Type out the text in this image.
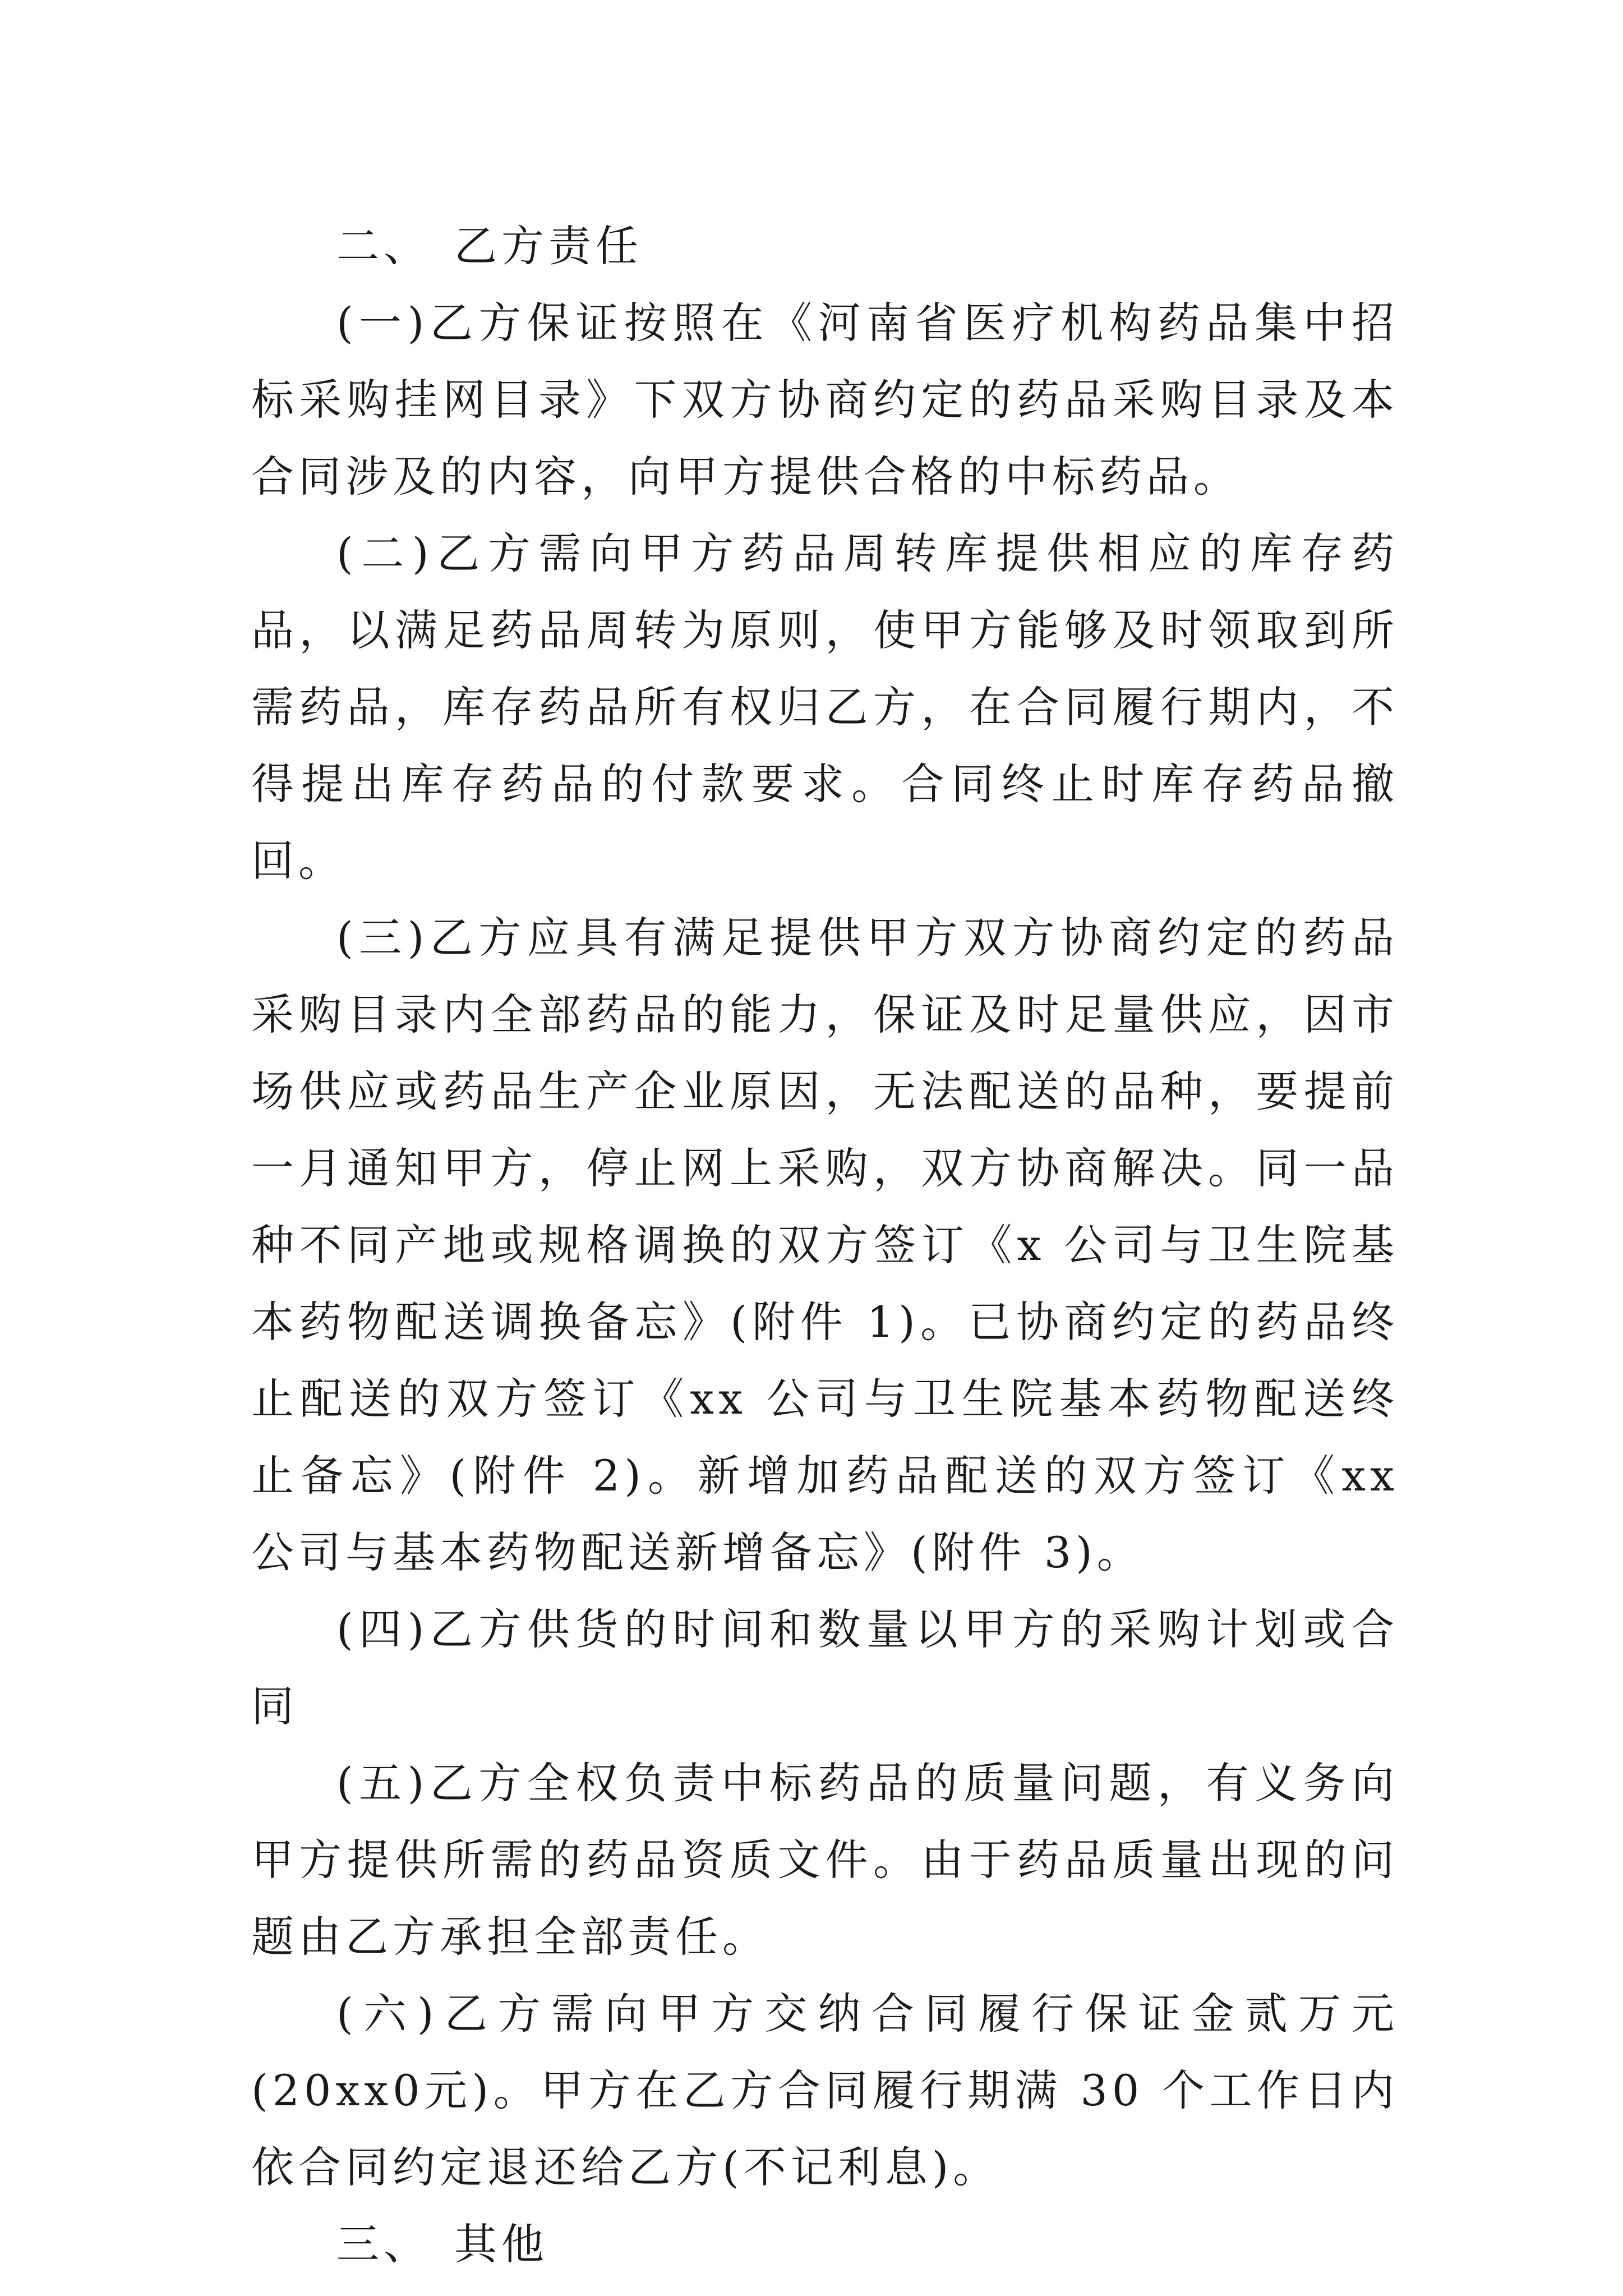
二、 乙方责任

(一)乙方保证按照在《河南省医疗机构药品集中招标采购挂网目录》下双方协商约定的药品采购目录及本合同涉及的内容，向甲方提供合格的中标药品。

(二)乙方需向甲方药品周转库提供相应的库存药品，以满足药品周转为原则，使甲方能够及时领取到所需药品，库存药品所有权归乙方，在合同履行期内，不得提出库存药品的付款要求。合同终止时库存药品撤回。

(三)乙方应具有满足提供甲方双方协商约定的药品采购目录内全部药品的能力，保证及时足量供应，因市场供应或药品生产企业原因，无法配送的品种，要提前一月通知甲方，停止网上采购，双方协商解决。同一品种不同产地或规格调换的双方签订《x 公司与卫生院基本药物配送调换备忘》(附件 1)。已协商约定的药品终止配送的双方签订《xx 公司与卫生院基本药物配送终止备忘》(附件 2)。新增加药品配送的双方签订《xx 公司与基本药物配送新增备忘》(附件 3)。

(四)乙方供货的时间和数量以甲方的采购计划或合同

(五)乙方全权负责中标药品的质量问题，有义务向甲方提供所需的药品资质文件。由于药品质量出现的问题由乙方承担全部责任。

(六)乙方需向甲方交纳合同履行保证金贰万元(20xx0元)。甲方在乙方合同履行期满 30 个工作日内依合同约定退还给乙方(不记利息)。

三、 其他
